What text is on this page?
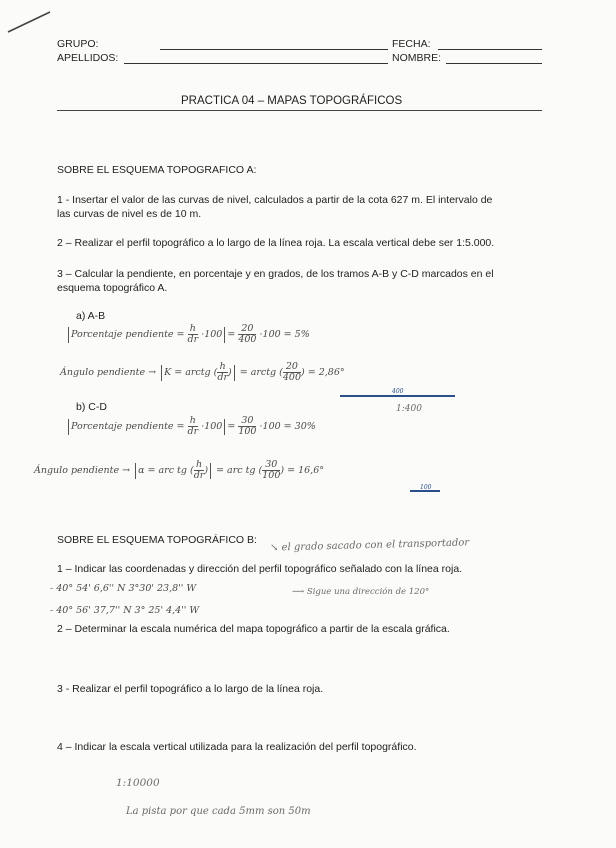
GRUPO:	FECHA:
APELLIDOS:	NOMBRE:
PRACTICA 04 – MAPAS TOPOGRÁFICOS
SOBRE EL ESQUEMA TOPOGRAFICO A:
1 - Insertar el valor de las curvas de nivel, calculados a partir de la cota 627 m. El intervalo de
las curvas de nivel es de 10 m.
2 – Realizar el perfil topográfico a lo largo de la línea roja. La escala vertical debe ser 1:5.000.
3 – Calcular la pendiente, en porcentaje y en grados, de los tramos A-B y C-D marcados en el
esquema topográfico A.
a) A-B
Porcentaje pendiente = $\frac{h}{dr} \cdot 100 = \frac{20}{400} \cdot 100 = 5\%$
Ángulo pendiente → K = arctg ( $\frac{h}{dr}$ ) = arctg ( $\frac{20}{400}$ ) = 2,86°
400
1:400
b) C-D
Porcentaje pendiente = $\frac{h}{dr} \cdot 100 = \frac{30}{100} \cdot 100 = 30\%$
Ángulo pendiente → α = arc tg ( $\frac{h}{dr}$ ) = arc tg ( $\frac{30}{100}$ ) = 16,6°
100
SOBRE EL ESQUEMA TOPOGRÁFICO B:
↘ el grado sacado con el transportador
1 – Indicar las coordenadas y dirección del perfil topográfico señalado con la línea roja.
- 40° 54' 6,6'' N 3°30' 23,8'' W	⟶ Sigue una dirección de 120°
- 40° 56' 37,7'' N 3° 25' 4,4'' W
2 – Determinar la escala numérica del mapa topográfico a partir de la escala gráfica.
3 - Realizar el perfil topográfico a lo largo de la línea roja.
4 – Indicar la escala vertical utilizada para la realización del perfil topográfico.
1:10000
La pista por que cada 5mm son 50m
